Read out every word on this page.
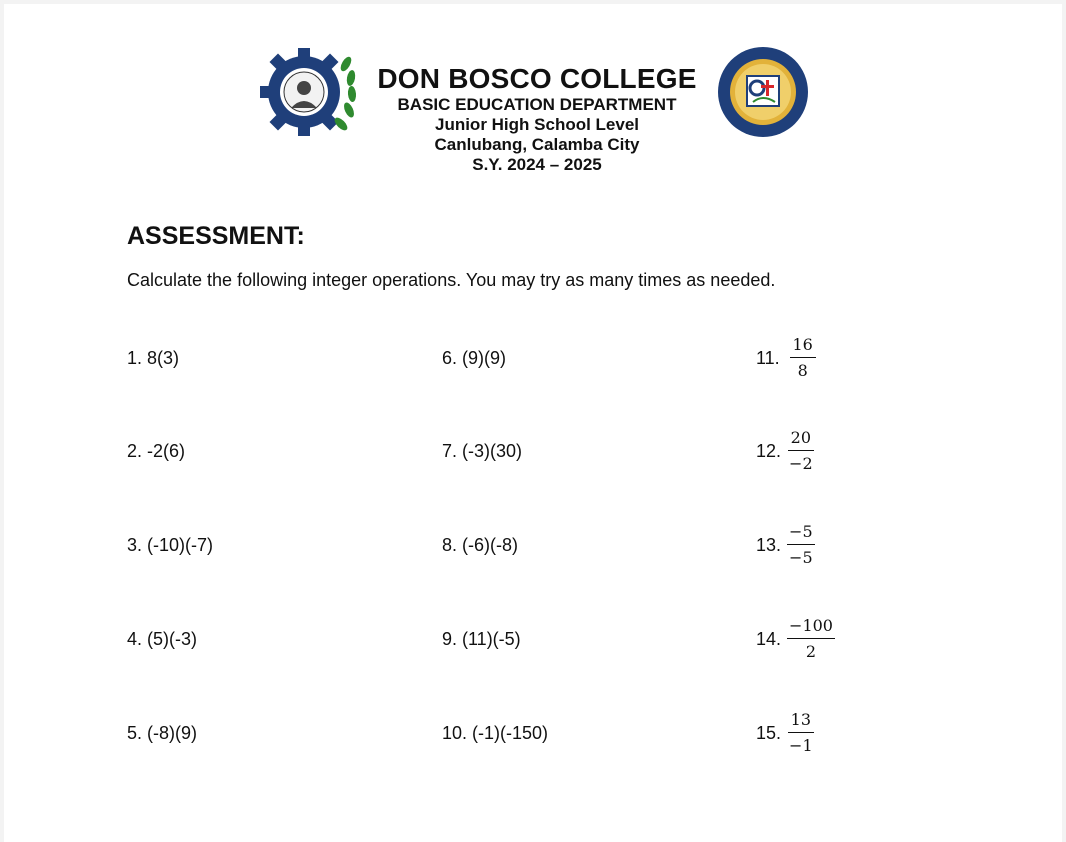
DON BOSCO COLLEGE
BASIC EDUCATION DEPARTMENT
Junior High School Level
Canlubang, Calamba City
S.Y. 2024 – 2025
ASSESSMENT:
Calculate the following integer operations. You may try as many times as needed.
1. 8(3)
2. -2(6)
3. (-10)(-7)
4. (5)(-3)
5. (-8)(9)
6. (9)(9)
7. (-3)(30)
8. (-6)(-8)
9. (11)(-5)
10. (-1)(-150)
11. $\frac{16}{8}$
12. $\frac{20}{-2}$
13. $\frac{-5}{-5}$
14. $\frac{-100}{2}$
15. $\frac{13}{-1}$
